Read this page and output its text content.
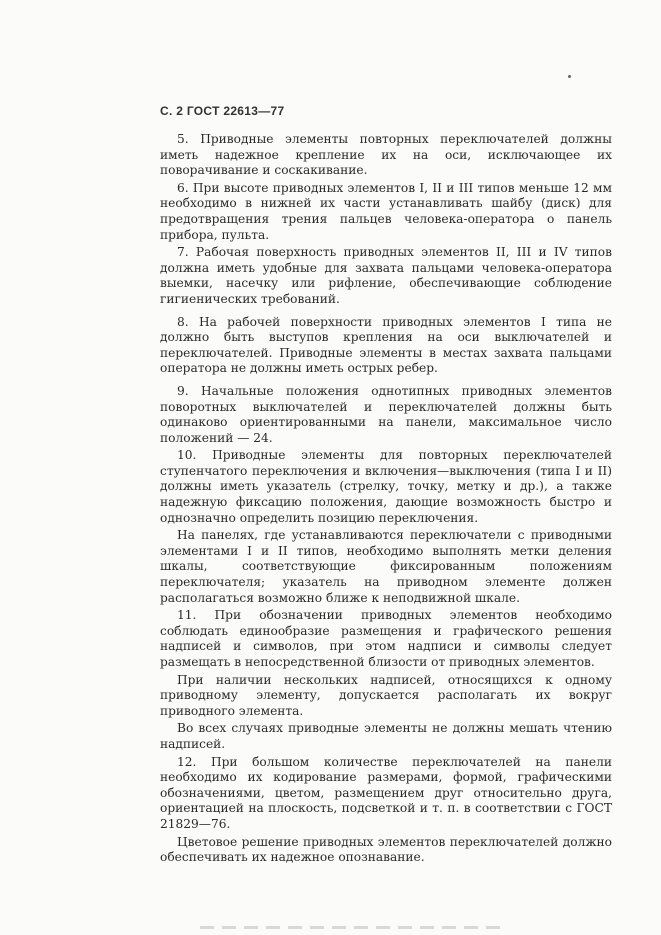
С. 2 ГОСТ 22613—77

5. Приводные элементы повторных переключателей должны иметь надежное крепление их на оси, исключающее их поворачивание и соскакивание.

6. При высоте приводных элементов I, II и III типов меньше 12 мм необходимо в нижней их части устанавливать шайбу (диск) для предотвращения трения пальцев человека-оператора о панель прибора, пульта.

7. Рабочая поверхность приводных элементов II, III и IV типов должна иметь удобные для захвата пальцами человека-оператора выемки, насечку или рифление, обеспечивающие соблюдение гигиенических требований.

8. На рабочей поверхности приводных элементов I типа не должно быть выступов крепления на оси выключателей и переключателей. Приводные элементы в местах захвата пальцами оператора не должны иметь острых ребер.

9. Начальные положения однотипных приводных элементов поворотных выключателей и переключателей должны быть одинаково ориентированными на панели, максимальное число положений — 24.

10. Приводные элементы для повторных переключателей ступенчатого переключения и включения—выключения (типа I и II) должны иметь указатель (стрелку, точку, метку и др.), а также надежную фиксацию положения, дающие возможность быстро и однозначно определить позицию переключения.

На панелях, где устанавливаются переключатели с приводными элементами I и II типов, необходимо выполнять метки деления шкалы, соответствующие фиксированным положениям переключателя; указатель на приводном элементе должен располагаться возможно ближе к неподвижной шкале.

11. При обозначении приводных элементов необходимо соблюдать единообразие размещения и графического решения надписей и символов, при этом надписи и символы следует размещать в непосредственной близости от приводных элементов.

При наличии нескольких надписей, относящихся к одному приводному элементу, допускается располагать их вокруг приводного элемента.

Во всех случаях приводные элементы не должны мешать чтению надписей.

12. При большом количестве переключателей на панели необходимо их кодирование размерами, формой, графическими обозначениями, цветом, размещением друг относительно друга, ориентацией на плоскость, подсветкой и т. п. в соответствии с ГОСТ 21829—76.

Цветовое решение приводных элементов переключателей должно обеспечивать их надежное опознавание.
